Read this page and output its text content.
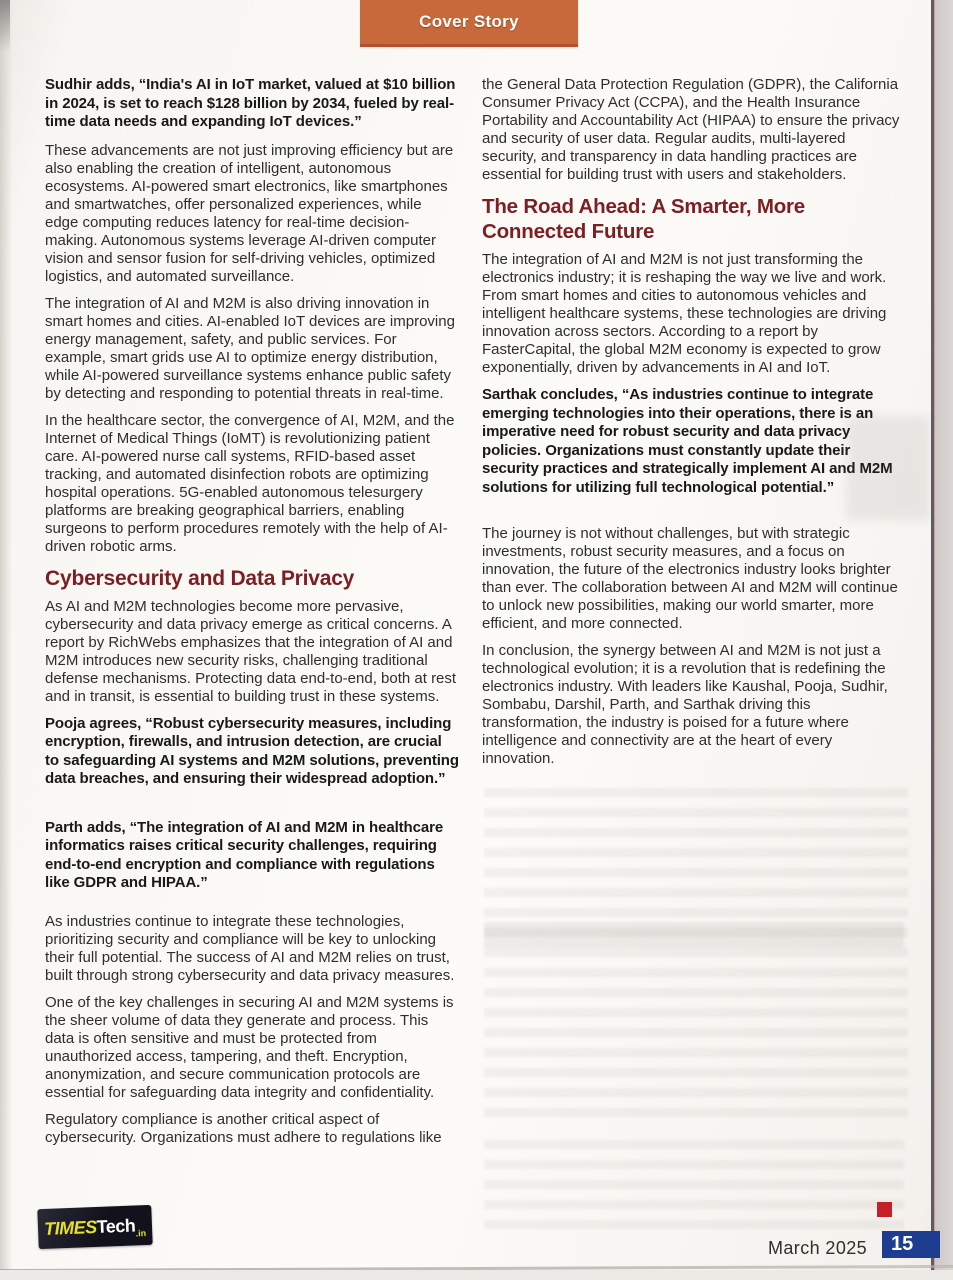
Cover Story

Sudhir adds, “India's AI in IoT market, valued at $10 billion in 2024, is set to reach $128 billion by 2034, fueled by real-time data needs and expanding IoT devices.”

These advancements are not just improving efficiency but are also enabling the creation of intelligent, autonomous ecosystems. AI-powered smart electronics, like smartphones and smartwatches, offer personalized experiences, while edge computing reduces latency for real-time decision-making. Autonomous systems leverage AI-driven computer vision and sensor fusion for self-driving vehicles, optimized logistics, and automated surveillance.

The integration of AI and M2M is also driving innovation in smart homes and cities. AI-enabled IoT devices are improving energy management, safety, and public services. For example, smart grids use AI to optimize energy distribution, while AI-powered surveillance systems enhance public safety by detecting and responding to potential threats in real-time.

In the healthcare sector, the convergence of AI, M2M, and the Internet of Medical Things (IoMT) is revolutionizing patient care. AI-powered nurse call systems, RFID-based asset tracking, and automated disinfection robots are optimizing hospital operations. 5G-enabled autonomous telesurgery platforms are breaking geographical barriers, enabling surgeons to perform procedures remotely with the help of AI-driven robotic arms.

Cybersecurity and Data Privacy

As AI and M2M technologies become more pervasive, cybersecurity and data privacy emerge as critical concerns. A report by RichWebs emphasizes that the integration of AI and M2M introduces new security risks, challenging traditional defense mechanisms. Protecting data end-to-end, both at rest and in transit, is essential to building trust in these systems.

Pooja agrees, “Robust cybersecurity measures, including encryption, firewalls, and intrusion detection, are crucial to safeguarding AI systems and M2M solutions, preventing data breaches, and ensuring their widespread adoption.”

Parth adds, “The integration of AI and M2M in healthcare informatics raises critical security challenges, requiring end-to-end encryption and compliance with regulations like GDPR and HIPAA.”

As industries continue to integrate these technologies, prioritizing security and compliance will be key to unlocking their full potential. The success of AI and M2M relies on trust, built through strong cybersecurity and data privacy measures.

One of the key challenges in securing AI and M2M systems is the sheer volume of data they generate and process. This data is often sensitive and must be protected from unauthorized access, tampering, and theft. Encryption, anonymization, and secure communication protocols are essential for safeguarding data integrity and confidentiality.

Regulatory compliance is another critical aspect of cybersecurity. Organizations must adhere to regulations like

the General Data Protection Regulation (GDPR), the California Consumer Privacy Act (CCPA), and the Health Insurance Portability and Accountability Act (HIPAA) to ensure the privacy and security of user data. Regular audits, multi-layered security, and transparency in data handling practices are essential for building trust with users and stakeholders.

The Road Ahead: A Smarter, More Connected Future

The integration of AI and M2M is not just transforming the electronics industry; it is reshaping the way we live and work. From smart homes and cities to autonomous vehicles and intelligent healthcare systems, these technologies are driving innovation across sectors. According to a report by FasterCapital, the global M2M economy is expected to grow exponentially, driven by advancements in AI and IoT.

Sarthak concludes, “As industries continue to integrate emerging technologies into their operations, there is an imperative need for robust security and data privacy policies. Organizations must constantly update their security practices and strategically implement AI and M2M solutions for utilizing full technological potential.”

The journey is not without challenges, but with strategic investments, robust security measures, and a focus on innovation, the future of the electronics industry looks brighter than ever. The collaboration between AI and M2M will continue to unlock new possibilities, making our world smarter, more efficient, and more connected.

In conclusion, the synergy between AI and M2M is not just a technological evolution; it is a revolution that is redefining the electronics industry. With leaders like Kaushal, Pooja, Sudhir, Sombabu, Darshil, Parth, and Sarthak driving this transformation, the industry is poised for a future where intelligence and connectivity are at the heart of every innovation.

TIMES Tech .in
March 2025	15
